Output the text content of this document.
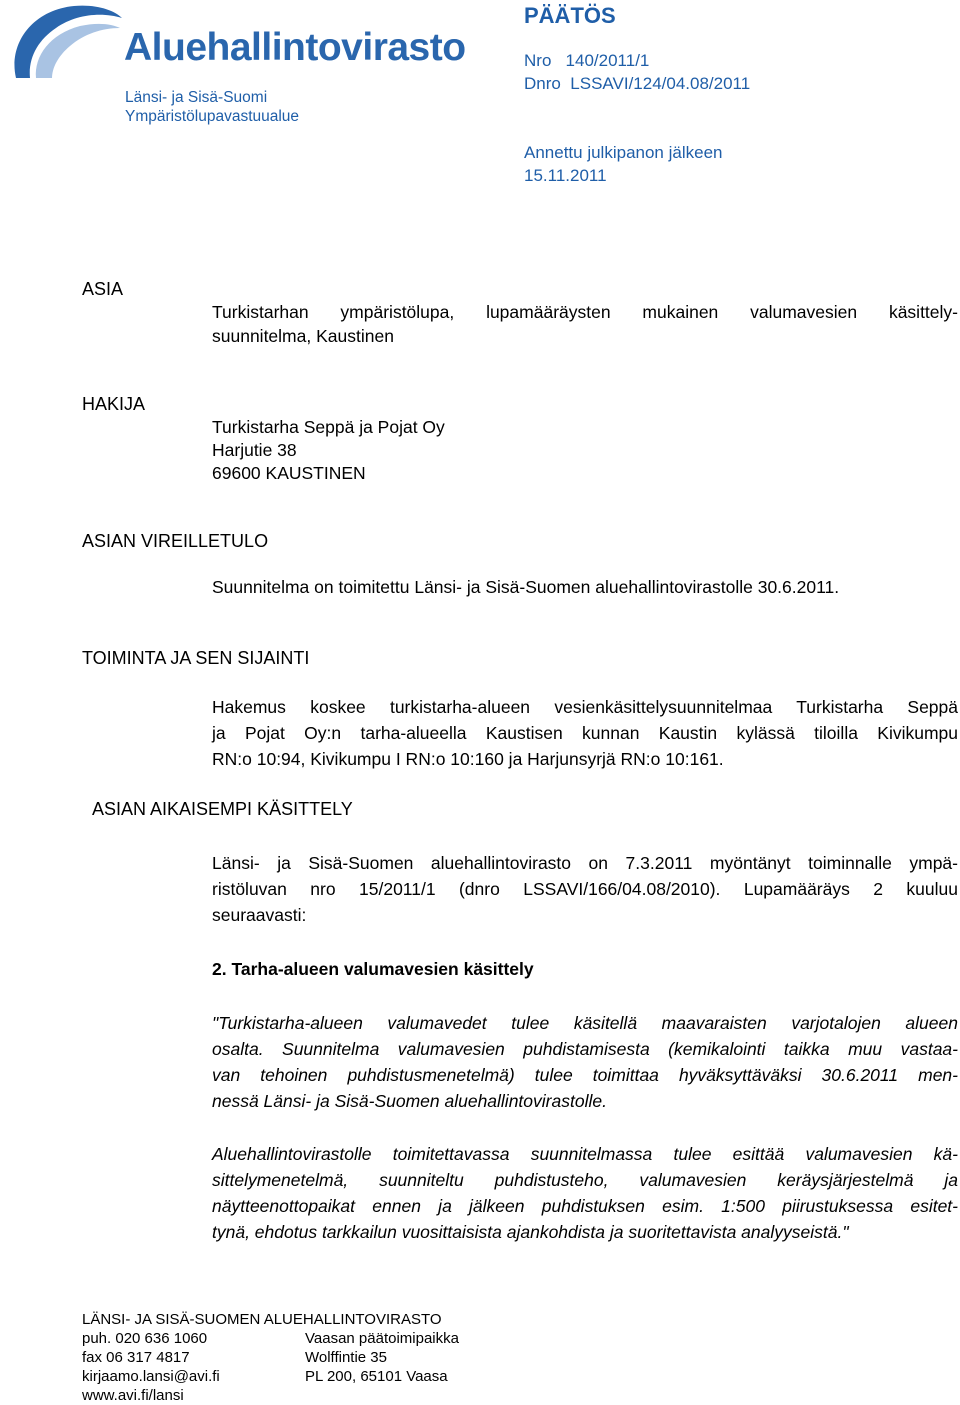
Aluehallintovirasto
Länsi- ja Sisä-Suomi
Ympäristölupavastuualue
PÄÄTÖS
Nro   140/2011/1
Dnro  LSSAVI/124/04.08/2011
Annettu julkipanon jälkeen
15.11.2011
ASIA
Turkistarhan ympäristölupa, lupamääräysten mukainen valumavesien käsittely-
suunnitelma, Kaustinen
HAKIJA
Turkistarha Seppä ja Pojat Oy
Harjutie 38
69600 KAUSTINEN
ASIAN VIREILLETULO
Suunnitelma on toimitettu Länsi- ja Sisä-Suomen aluehallintovirastolle 30.6.2011.
TOIMINTA JA SEN SIJAINTI
Hakemus koskee turkistarha-alueen vesienkäsittelysuunnitelmaa Turkistarha Seppä
ja Pojat Oy:n tarha-alueella Kaustisen kunnan Kaustin kylässä tiloilla Kivikumpu
RN:o 10:94, Kivikumpu I RN:o 10:160 ja Harjunsyrjä RN:o 10:161.
ASIAN AIKAISEMPI KÄSITTELY
Länsi- ja Sisä-Suomen aluehallintovirasto on 7.3.2011 myöntänyt toiminnalle ympä-
ristöluvan nro 15/2011/1 (dnro LSSAVI/166/04.08/2010). Lupamääräys 2 kuuluu
seuraavasti:
2. Tarha-alueen valumavesien käsittely
"Turkistarha-alueen valumavedet tulee käsitellä maavaraisten varjotalojen alueen
osalta. Suunnitelma valumavesien puhdistamisesta (kemikalointi taikka muu vastaa-
van tehoinen puhdistusmenetelmä) tulee toimittaa hyväksyttäväksi 30.6.2011 men-
nessä Länsi- ja Sisä-Suomen aluehallintovirastolle.
Aluehallintovirastolle toimitettavassa suunnitelmassa tulee esittää valumavesien kä-
sittelymenetelmä, suunniteltu puhdistusteho, valumavesien keräysjärjestelmä ja
näytteenottopaikat ennen ja jälkeen puhdistuksen esim. 1:500 piirustuksessa esitet-
tynä, ehdotus tarkkailun vuosittaisista ajankohdista ja suoritettavista analyyseistä."
LÄNSI- JA SISÄ-SUOMEN ALUEHALLINTOVIRASTO
puh. 020 636 1060
fax 06 317 4817
kirjaamo.lansi@avi.fi
www.avi.fi/lansi
Vaasan päätoimipaikka
Wolffintie 35
PL 200, 65101 Vaasa
